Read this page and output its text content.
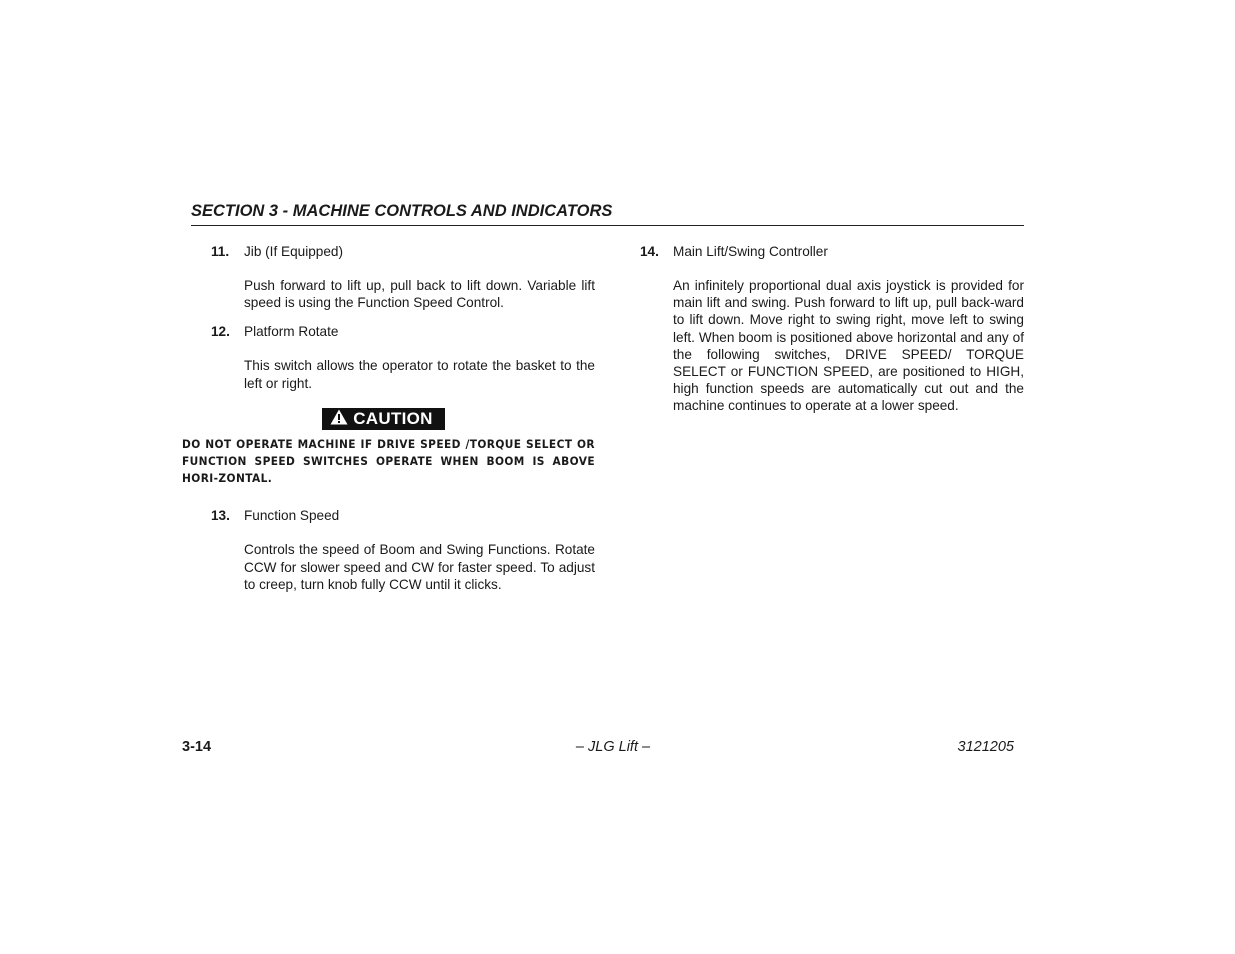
SECTION 3 - MACHINE CONTROLS AND INDICATORS
11. Jib (If Equipped)
Push forward to lift up, pull back to lift down. Variable lift speed is using the Function Speed Control.
12. Platform Rotate
This switch allows the operator to rotate the basket to the left or right.
CAUTION
DO NOT OPERATE MACHINE IF DRIVE SPEED /TORQUE SELECT OR FUNCTION SPEED SWITCHES OPERATE WHEN BOOM IS ABOVE HORI-ZONTAL.
13. Function Speed
Controls the speed of Boom and Swing Functions. Rotate CCW for slower speed and CW for faster speed. To adjust to creep, turn knob fully CCW until it clicks.
14. Main Lift/Swing Controller
An infinitely proportional dual axis joystick is provided for main lift and swing. Push forward to lift up, pull back-ward to lift down. Move right to swing right, move left to swing left. When boom is positioned above horizontal and any of the following switches, DRIVE SPEED/ TORQUE SELECT or FUNCTION SPEED, are positioned to HIGH, high function speeds are automatically cut out and the machine continues to operate at a lower speed.
3-14	– JLG Lift –	3121205
